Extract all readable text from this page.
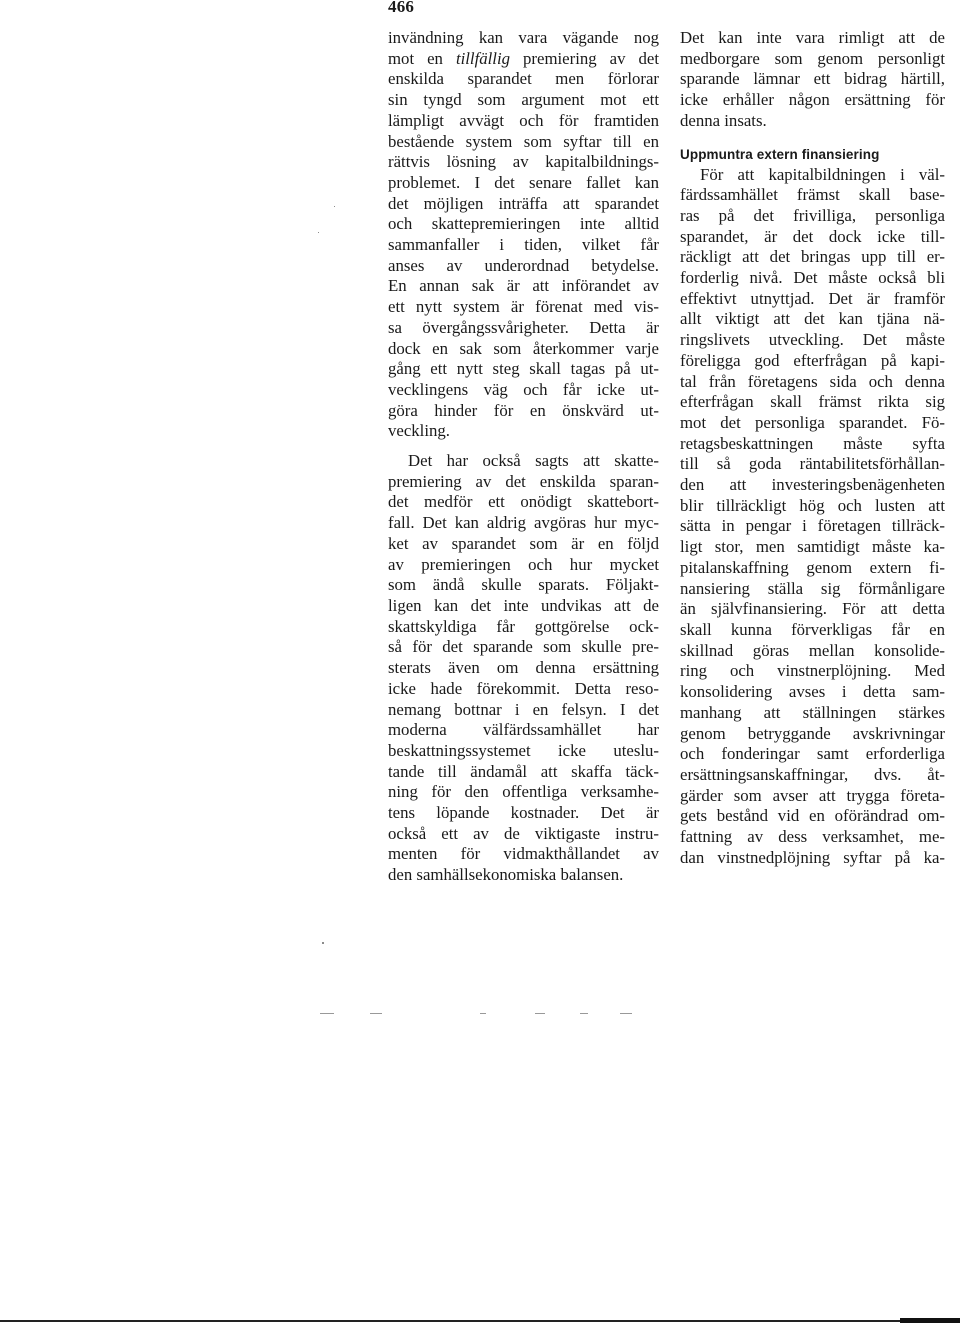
466
invändning kan vara vägande nog
mot en tillfällig premiering av det
enskilda sparandet men förlorar
sin tyngd som argument mot ett
lämpligt avvägt och för framtiden
bestående system som syftar till en
rättvis lösning av kapitalbildnings-
problemet. I det senare fallet kan
det möjligen inträffa att sparandet
och skattepremieringen inte alltid
sammanfaller i tiden, vilket får
anses av underordnad betydelse.
En annan sak är att införandet av
ett nytt system är förenat med vis-
sa övergångssvårigheter. Detta är
dock en sak som återkommer varje
gång ett nytt steg skall tagas på ut-
vecklingens väg och får icke ut-
göra hinder för en önskvärd ut-
veckling.
Det har också sagts att skatte-
premiering av det enskilda sparan-
det medför ett onödigt skattebort-
fall. Det kan aldrig avgöras hur myc-
ket av sparandet som är en följd
av premieringen och hur mycket
som ändå skulle sparats. Följakt-
ligen kan det inte undvikas att de
skattskyldiga får gottgörelse ock-
så för det sparande som skulle pre-
sterats även om denna ersättning
icke hade förekommit. Detta reso-
nemang bottnar i en felsyn. I det
moderna välfärdssamhället har
beskattningssystemet icke uteslu-
tande till ändamål att skaffa täck-
ning för den offentliga verksamhe-
tens löpande kostnader. Det är
också ett av de viktigaste instru-
menten för vidmakthållandet av
den samhällsekonomiska balansen.
Det kan inte vara rimligt att de
medborgare som genom personligt
sparande lämnar ett bidrag härtill,
icke erhåller någon ersättning för
denna insats.
Uppmuntra extern finansiering
För att kapitalbildningen i väl-
färdssamhället främst skall base-
ras på det frivilliga, personliga
sparandet, är det dock icke till-
räckligt att det bringas upp till er-
forderlig nivå. Det måste också bli
effektivt utnyttjad. Det är framför
allt viktigt att det kan tjäna nä-
ringslivets utveckling. Det måste
föreligga god efterfrågan på kapi-
tal från företagens sida och denna
efterfrågan skall främst rikta sig
mot det personliga sparandet. Fö-
retagsbeskattningen måste syfta
till så goda räntabilitetsförhållan-
den att investeringsbenägenheten
blir tillräckligt hög och lusten att
sätta in pengar i företagen tillräck-
ligt stor, men samtidigt måste ka-
pitalanskaffning genom extern fi-
nansiering ställa sig förmånligare
än självfinansiering. För att detta
skall kunna förverkligas får en
skillnad göras mellan konsolide-
ring och vinstnerplöjning. Med
konsolidering avses i detta sam-
manhang att ställningen stärkes
genom betryggande avskrivningar
och fonderingar samt erforderliga
ersättningsanskaffningar, dvs. åt-
gärder som avser att trygga företa-
gets bestånd vid en oförändrad om-
fattning av dess verksamhet, me-
dan vinstnedplöjning syftar på ka-
